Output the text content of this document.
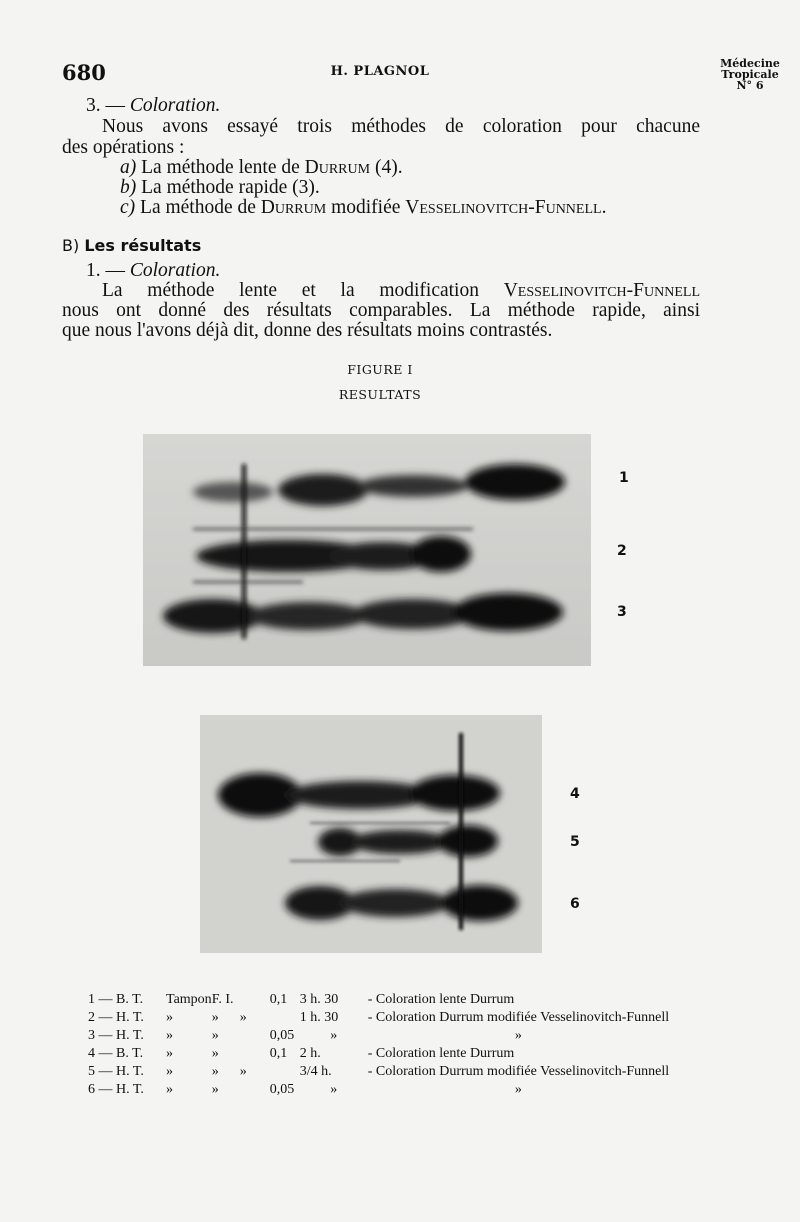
680	H. PLAGNOL
Médecine
Tropicale
N° 6
3. — Coloration.
Nous avons essayé trois méthodes de coloration pour chacune
des opérations :
a) La méthode lente de Durrum (4).
b) La méthode rapide (3).
c) La méthode de Durrum modifiée Vesselinovitch-Funnell.
B) Les résultats
1. — Coloration.
La méthode lente et la modification Vesselinovitch-Funnell
nous ont donné des résultats comparables. La méthode rapide, ainsi
que nous l'avons déjà dit, donne des résultats moins contrastés.
FIGURE I
RESULTATS
1
2
3
4
5
6
1 — B. T.	Tampon	F. I.		0,1	3 h. 30	- Coloration lente Durrum
2 — H. T.	»	»	»		1 h. 30	- Coloration Durrum modifiée Vesselinovitch-Funnell
3 — H. T.	»	»		0,05	»	»
4 — B. T.	»	»		0,1	2 h.	- Coloration lente Durrum
5 — H. T.	»	»	»		3/4 h.	- Coloration Durrum modifiée Vesselinovitch-Funnell
6 — H. T.	»	»		0,05	»	»
